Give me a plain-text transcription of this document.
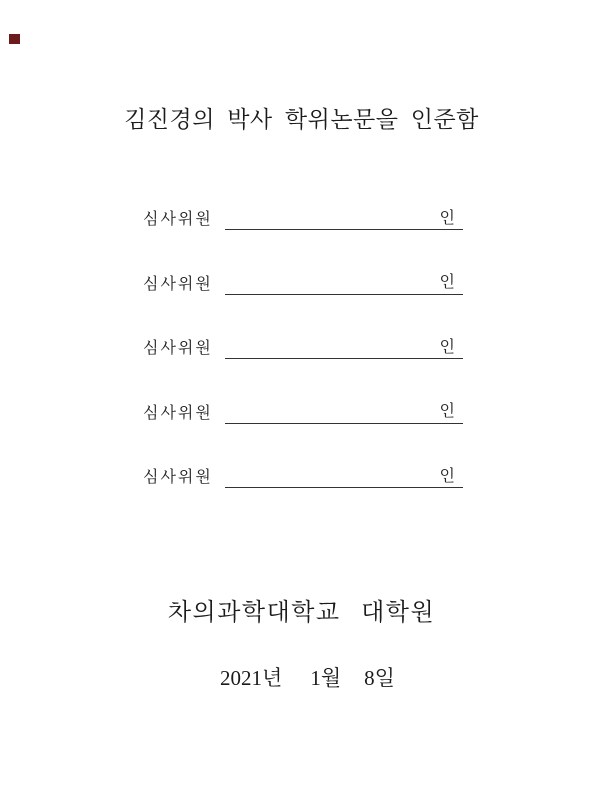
김진경의 박사 학위논문을 인준함
심사위원	인
심사위원	인
심사위원	인
심사위원	인
심사위원	인
차의과학대학교 대학원
2021년 1월 8일
